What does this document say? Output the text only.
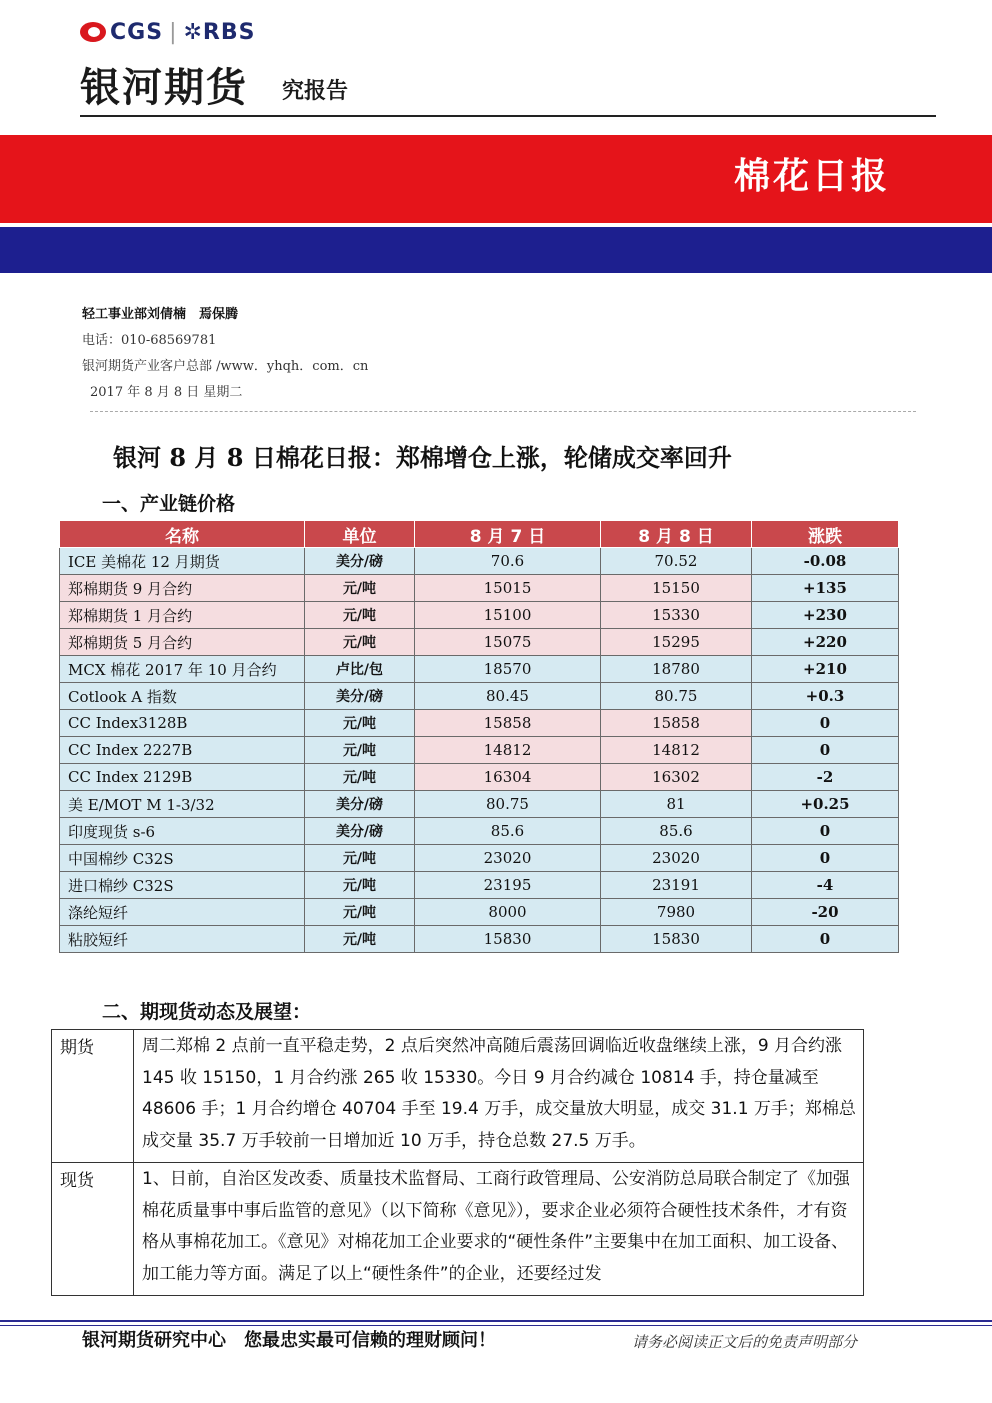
CGS | ✲RBS
银河期货 究报告
棉花日报
轻工事业部刘倩楠　焉保腾
电话：010-68569781
银河期货产业客户总部 /www．yhqh．com．cn
2017 年 8 月 8 日 星期二
银河 8 月 8 日棉花日报：郑棉增仓上涨，轮储成交率回升
一、产业链价格
名称	单位	8 月 7 日	8 月 8 日	涨跌
ICE 美棉花 12 月期货	美分/磅	70.6	70.52	-0.08
郑棉期货 9 月合约	元/吨	15015	15150	+135
郑棉期货 1 月合约	元/吨	15100	15330	+230
郑棉期货 5 月合约	元/吨	15075	15295	+220
MCX 棉花 2017 年 10 月合约	卢比/包	18570	18780	+210
Cotlook A 指数	美分/磅	80.45	80.75	+0.3
CC Index3128B	元/吨	15858	15858	0
CC Index 2227B	元/吨	14812	14812	0
CC Index 2129B	元/吨	16304	16302	-2
美 E/MOT M 1-3/32	美分/磅	80.75	81	+0.25
印度现货 s-6	美分/磅	85.6	85.6	0
中国棉纱 C32S	元/吨	23020	23020	0
进口棉纱 C32S	元/吨	23195	23191	-4
涤纶短纤	元/吨	8000	7980	-20
粘胶短纤	元/吨	15830	15830	0
二、期现货动态及展望：
期货	周二郑棉 2 点前一直平稳走势，2 点后突然冲高随后震荡回调临近收盘继续上涨，9 月合约涨 145 收 15150，1 月合约涨 265 收 15330。今日 9 月合约减仓 10814 手，持仓量减至 48606 手；1 月合约增仓 40704 手至 19.4 万手，成交量放大明显，成交 31.1 万手；郑棉总成交量 35.7 万手较前一日增加近 10 万手，持仓总数 27.5 万手。
现货	1、日前，自治区发改委、质量技术监督局、工商行政管理局、公安消防总局联合制定了《加强棉花质量事中事后监管的意见》（以下简称《意见》），要求企业必须符合硬性技术条件，才有资格从事棉花加工。《意见》对棉花加工企业要求的“硬性条件”主要集中在加工面积、加工设备、加工能力等方面。满足了以上“硬性条件”的企业，还要经过发
银河期货研究中心　您最忠实最可信赖的理财顾问！	请务必阅读正文后的免责声明部分
